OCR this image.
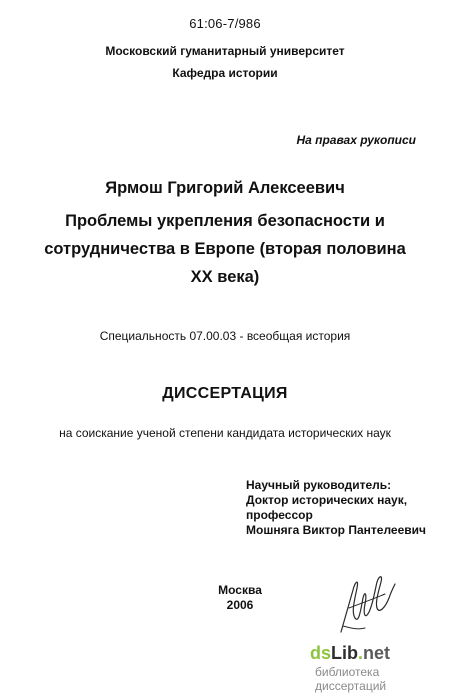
61:06-7/986
Московский гуманитарный университет
Кафедра истории
На правах рукописи
Ярмош Григорий Алексеевич
Проблемы укрепления безопасности и
сотрудничества в Европе (вторая половина
XX века)
Специальность 07.00.03 - всеобщая история
ДИССЕРТАЦИЯ
на соискание ученой степени кандидата исторических наук
Научный руководитель:
Доктор исторических наук,
профессор
Мошняга Виктор Пантелеевич
Москва
2006
dsLib.net
библиотека диссертаций
